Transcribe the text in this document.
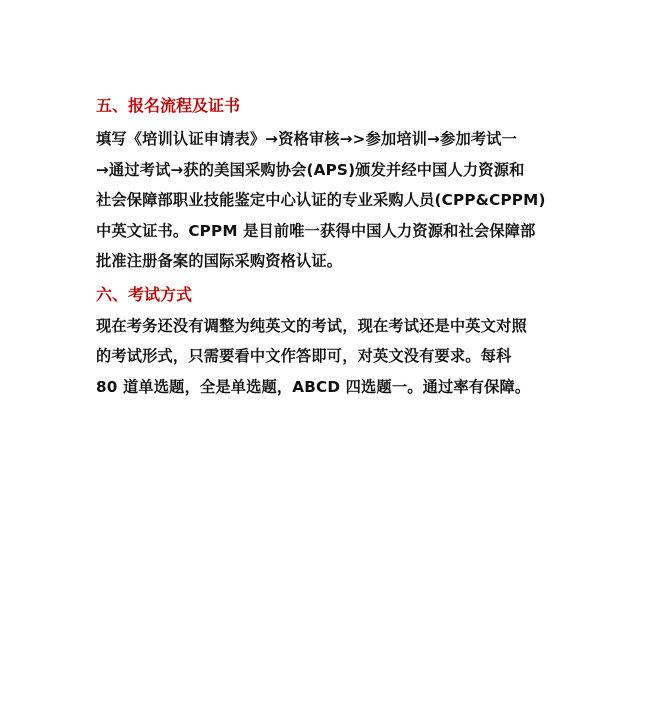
五、报名流程及证书
填写《培训认证申请表》→资格审核→>参加培训→参加考试一
→通过考试→获的美国采购协会(APS)颁发并经中国人力资源和
社会保障部职业技能鉴定中心认证的专业采购人员(CPP&CPPM)
中英文证书。CPPM 是目前唯一获得中国人力资源和社会保障部
批准注册备案的国际采购资格认证。
六、考试方式
现在考务还没有调整为纯英文的考试，现在考试还是中英文对照
的考试形式，只需要看中文作答即可，对英文没有要求。每科
80 道单选题，全是单选题，ABCD 四选题一。通过率有保障。
